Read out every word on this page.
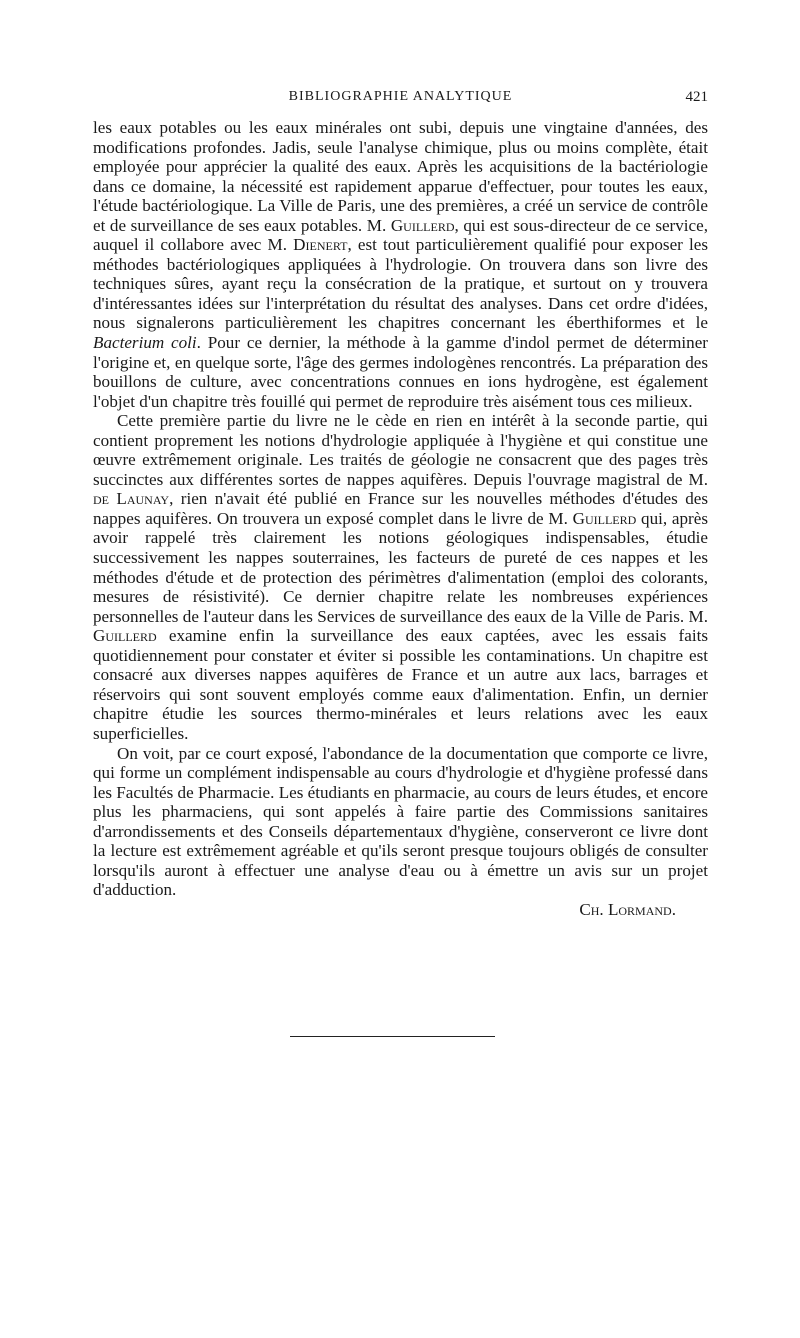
BIBLIOGRAPHIE ANALYTIQUE	421

les eaux potables ou les eaux minérales ont subi, depuis une vingtaine d'années, des modifications profondes. Jadis, seule l'analyse chimique, plus ou moins complète, était employée pour apprécier la qualité des eaux. Après les acquisitions de la bactériologie dans ce domaine, la nécessité est rapidement apparue d'effectuer, pour toutes les eaux, l'étude bactériologique. La Ville de Paris, une des premières, a créé un service de contrôle et de surveillance de ses eaux potables. M. Guillerd, qui est sous-directeur de ce service, auquel il collabore avec M. Dienert, est tout particulièrement qualifié pour exposer les méthodes bactériologiques appliquées à l'hydrologie. On trouvera dans son livre des techniques sûres, ayant reçu la consécration de la pratique, et surtout on y trouvera d'intéressantes idées sur l'interprétation du résultat des analyses. Dans cet ordre d'idées, nous signalerons particulièrement les chapitres concernant les éberthiformes et le Bacterium coli. Pour ce dernier, la méthode à la gamme d'indol permet de déterminer l'origine et, en quelque sorte, l'âge des germes indologènes rencontrés. La préparation des bouillons de culture, avec concentrations connues en ions hydrogène, est également l'objet d'un chapitre très fouillé qui permet de reproduire très aisément tous ces milieux.

Cette première partie du livre ne le cède en rien en intérêt à la seconde partie, qui contient proprement les notions d'hydrologie appliquée à l'hygiène et qui constitue une œuvre extrêmement originale. Les traités de géologie ne consacrent que des pages très succinctes aux différentes sortes de nappes aquifères. Depuis l'ouvrage magistral de M. de Launay, rien n'avait été publié en France sur les nouvelles méthodes d'études des nappes aquifères. On trouvera un exposé complet dans le livre de M. Guillerd qui, après avoir rappelé très clairement les notions géologiques indispensables, étudie successivement les nappes souterraines, les facteurs de pureté de ces nappes et les méthodes d'étude et de protection des périmètres d'alimentation (emploi des colorants, mesures de résistivité). Ce dernier chapitre relate les nombreuses expériences personnelles de l'auteur dans les Services de surveillance des eaux de la Ville de Paris. M. Guillerd examine enfin la surveillance des eaux captées, avec les essais faits quotidiennement pour constater et éviter si possible les contaminations. Un chapitre est consacré aux diverses nappes aquifères de France et un autre aux lacs, barrages et réservoirs qui sont souvent employés comme eaux d'alimentation. Enfin, un dernier chapitre étudie les sources thermo-minérales et leurs relations avec les eaux superficielles.

On voit, par ce court exposé, l'abondance de la documentation que comporte ce livre, qui forme un complément indispensable au cours d'hydrologie et d'hygiène professé dans les Facultés de Pharmacie. Les étudiants en pharmacie, au cours de leurs études, et encore plus les pharmaciens, qui sont appelés à faire partie des Commissions sanitaires d'arrondissements et des Conseils départementaux d'hygiène, conserveront ce livre dont la lecture est extrêmement agréable et qu'ils seront presque toujours obligés de consulter lorsqu'ils auront à effectuer une analyse d'eau ou à émettre un avis sur un projet d'adduction.

Ch. Lormand.
